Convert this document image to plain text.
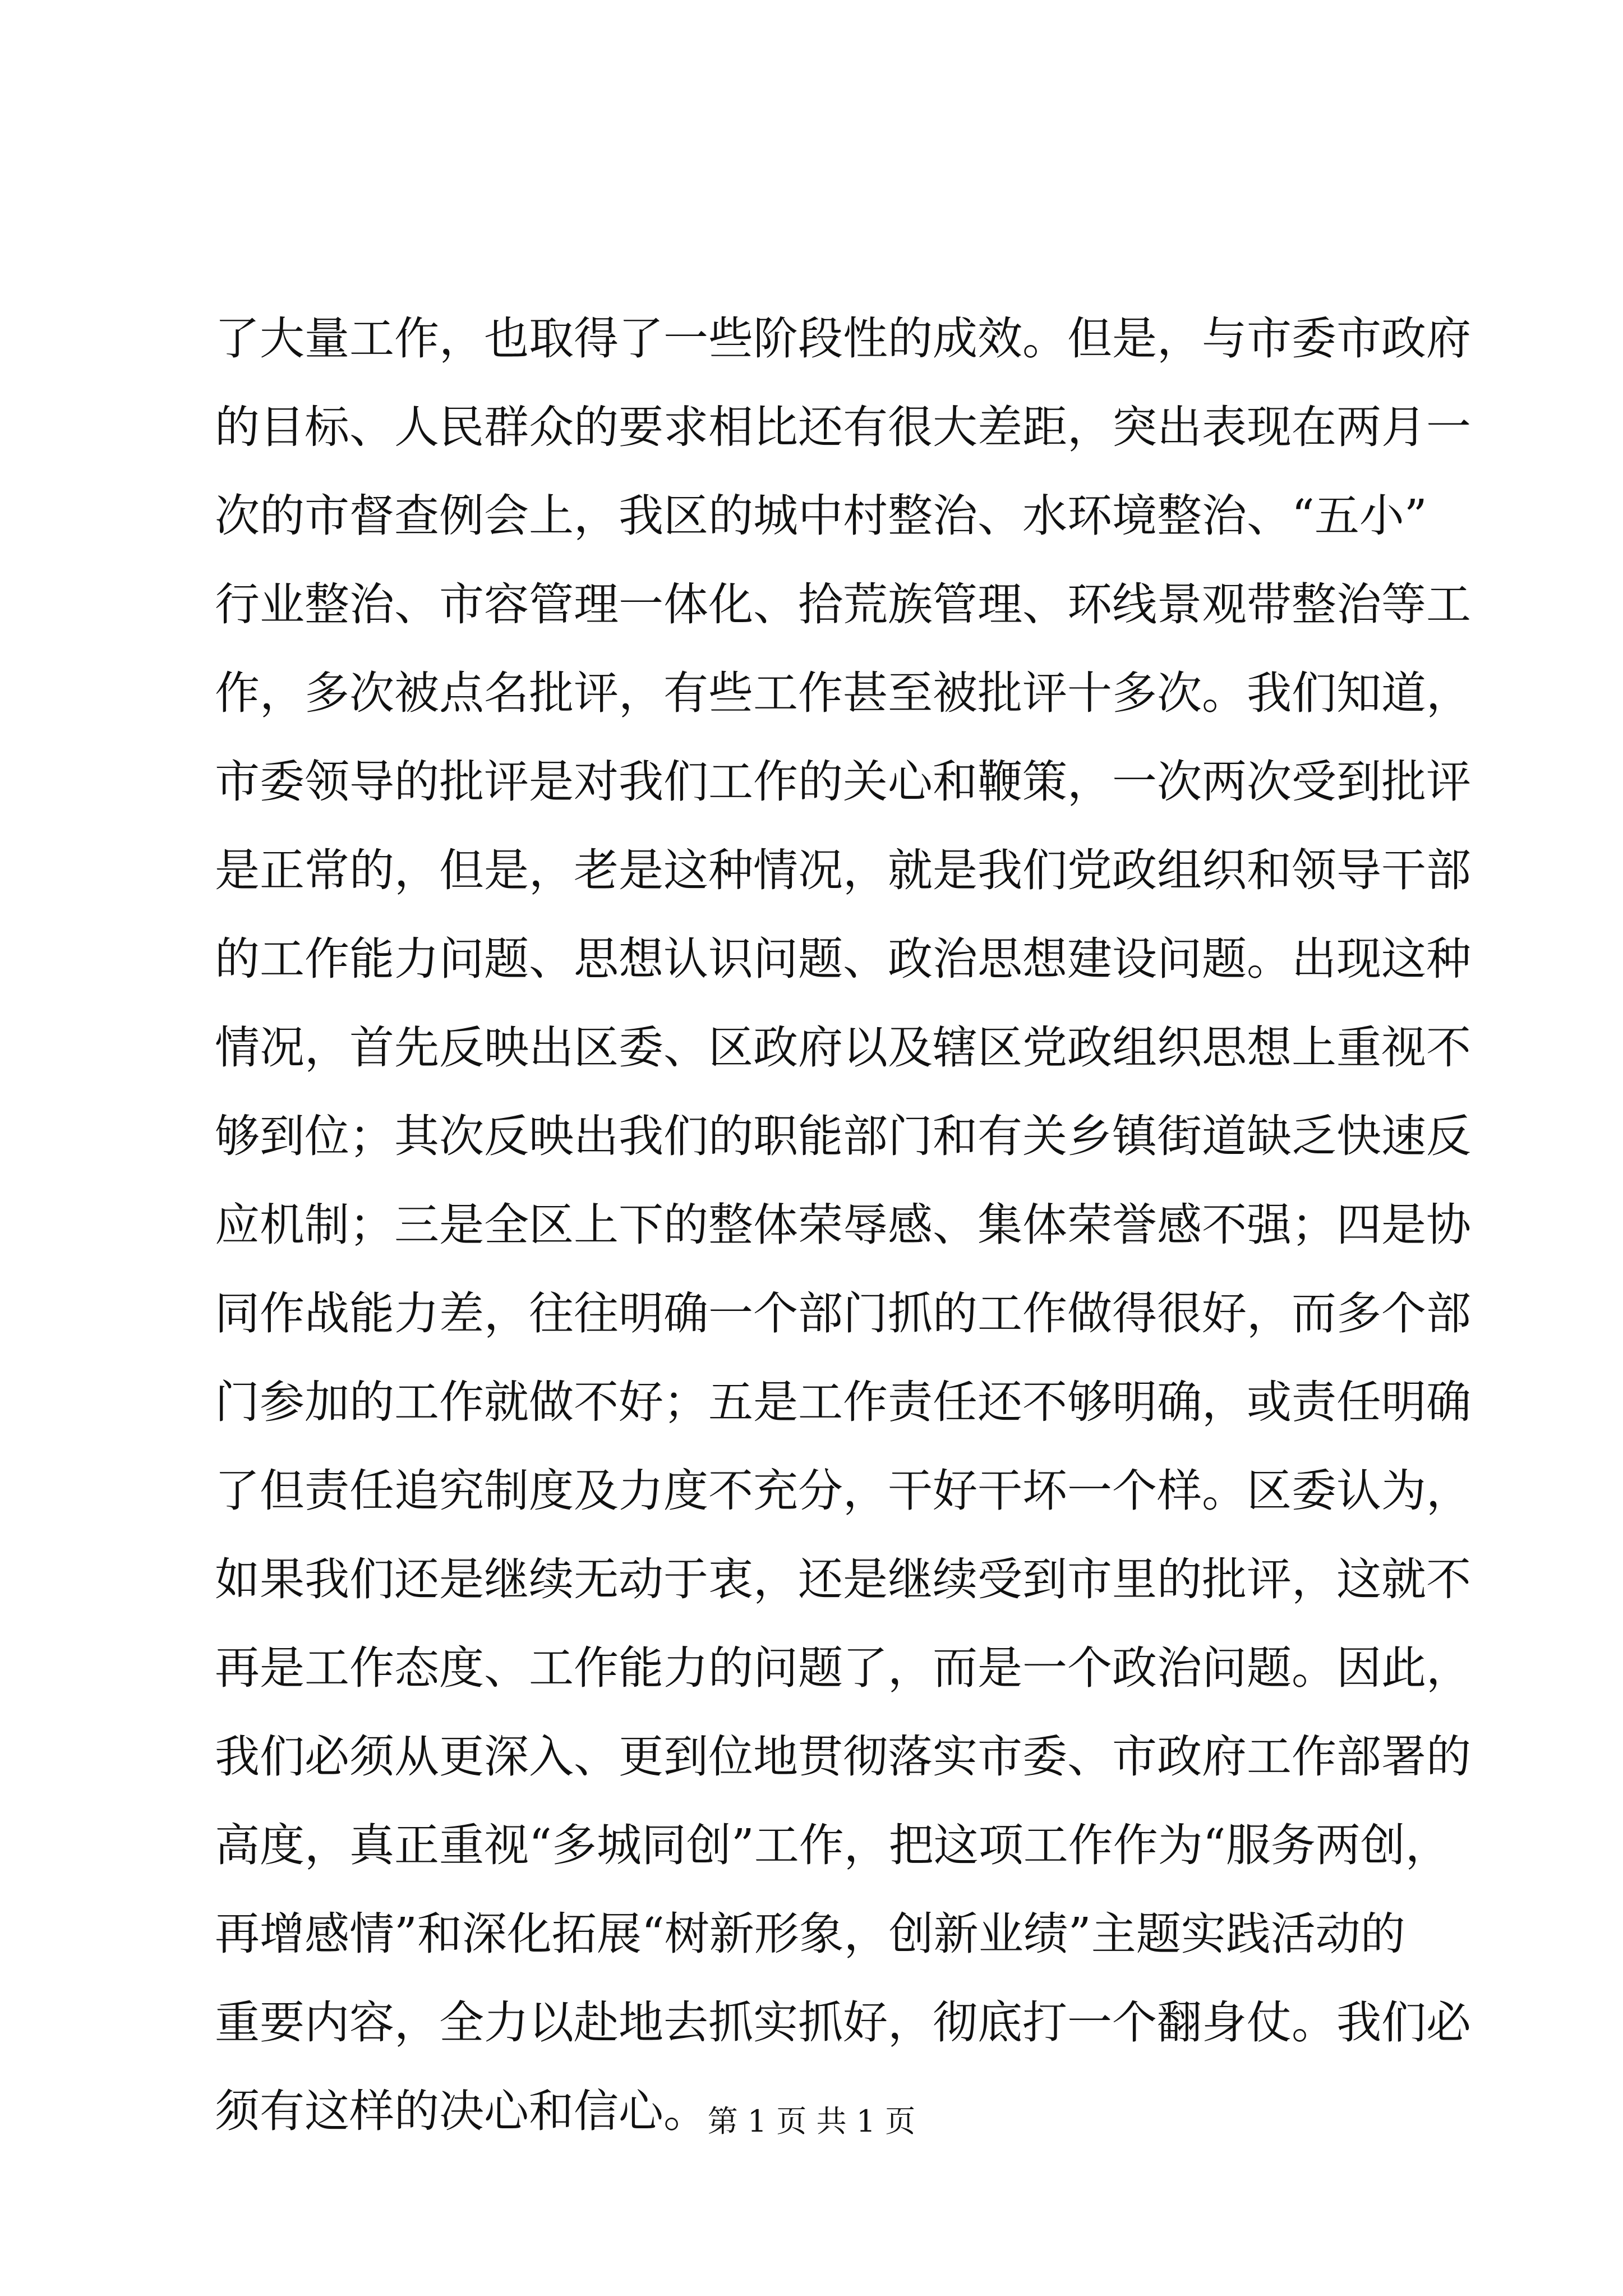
了大量工作，也取得了一些阶段性的成效。但是，与市委市政府
的目标、人民群众的要求相比还有很大差距，突出表现在两月一
次的市督查例会上，我区的城中村整治、水环境整治、“五小”
行业整治、市容管理一体化、拾荒族管理、环线景观带整治等工
作，多次被点名批评，有些工作甚至被批评十多次。我们知道，
市委领导的批评是对我们工作的关心和鞭策，一次两次受到批评
是正常的，但是，老是这种情况，就是我们党政组织和领导干部
的工作能力问题、思想认识问题、政治思想建设问题。出现这种
情况，首先反映出区委、区政府以及辖区党政组织思想上重视不
够到位；其次反映出我们的职能部门和有关乡镇街道缺乏快速反
应机制；三是全区上下的整体荣辱感、集体荣誉感不强；四是协
同作战能力差，往往明确一个部门抓的工作做得很好，而多个部
门参加的工作就做不好；五是工作责任还不够明确，或责任明确
了但责任追究制度及力度不充分，干好干坏一个样。区委认为，
如果我们还是继续无动于衷，还是继续受到市里的批评，这就不
再是工作态度、工作能力的问题了，而是一个政治问题。因此，
我们必须从更深入、更到位地贯彻落实市委、市政府工作部署的
高度，真正重视“多城同创”工作，把这项工作作为“服务两创，
再增感情”和深化拓展“树新形象，创新业绩”主题实践活动的
重要内容，全力以赴地去抓实抓好，彻底打一个翻身仗。我们必
须有这样的决心和信心。
第 1 页 共 1 页
